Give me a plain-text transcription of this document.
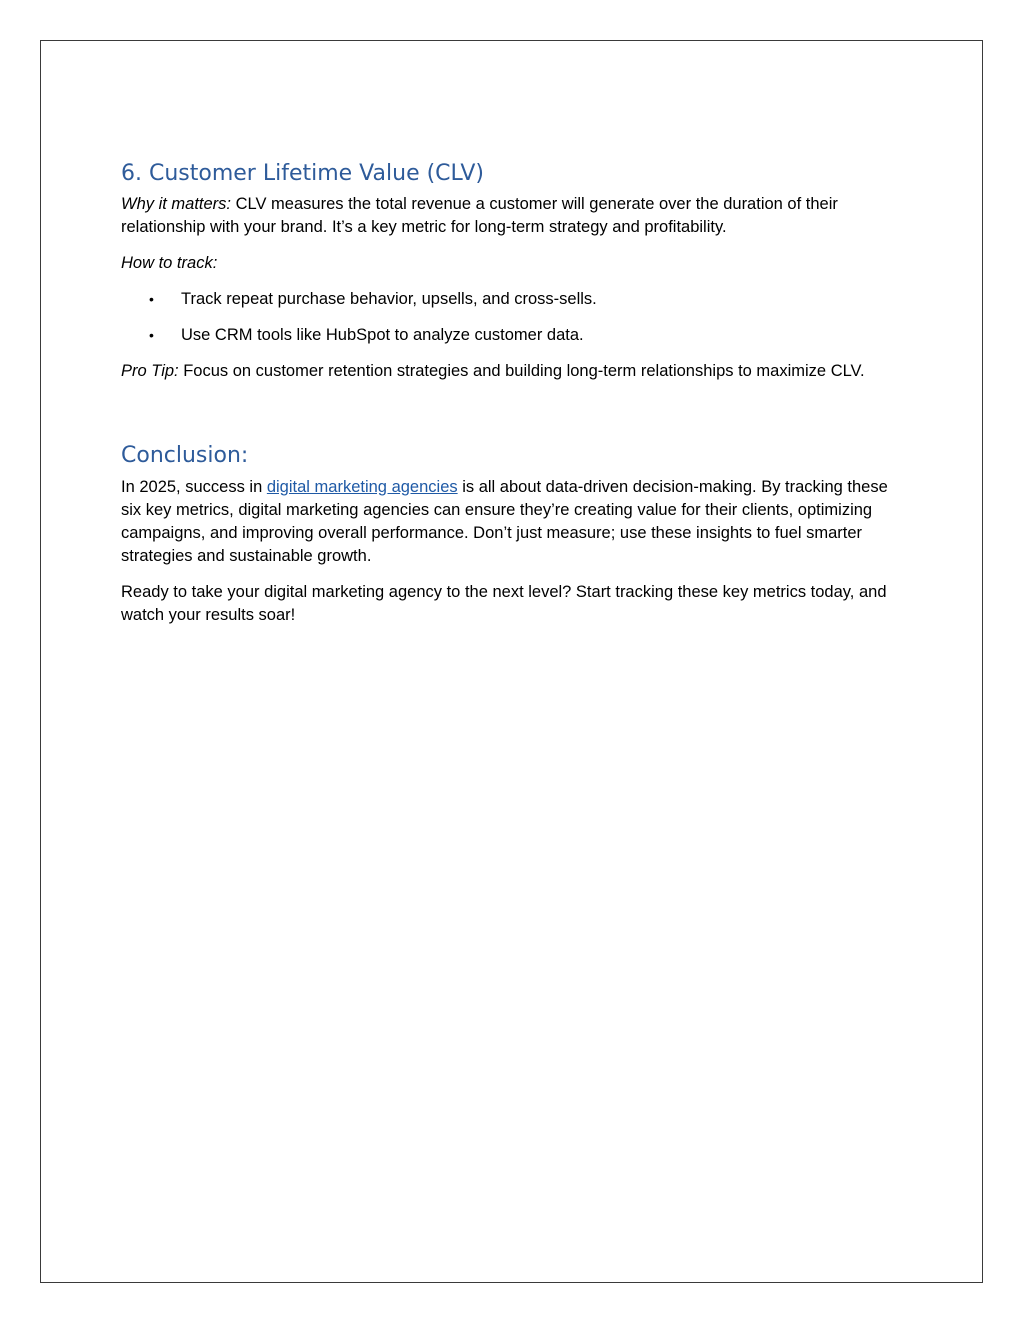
6. Customer Lifetime Value (CLV)

Why it matters: CLV measures the total revenue a customer will generate over the duration of their relationship with your brand. It’s a key metric for long-term strategy and profitability.

How to track:

• Track repeat purchase behavior, upsells, and cross-sells.
• Use CRM tools like HubSpot to analyze customer data.

Pro Tip: Focus on customer retention strategies and building long-term relationships to maximize CLV.

Conclusion:

In 2025, success in digital marketing agencies is all about data-driven decision-making. By tracking these six key metrics, digital marketing agencies can ensure they’re creating value for their clients, optimizing campaigns, and improving overall performance. Don’t just measure; use these insights to fuel smarter strategies and sustainable growth.

Ready to take your digital marketing agency to the next level? Start tracking these key metrics today, and watch your results soar!
